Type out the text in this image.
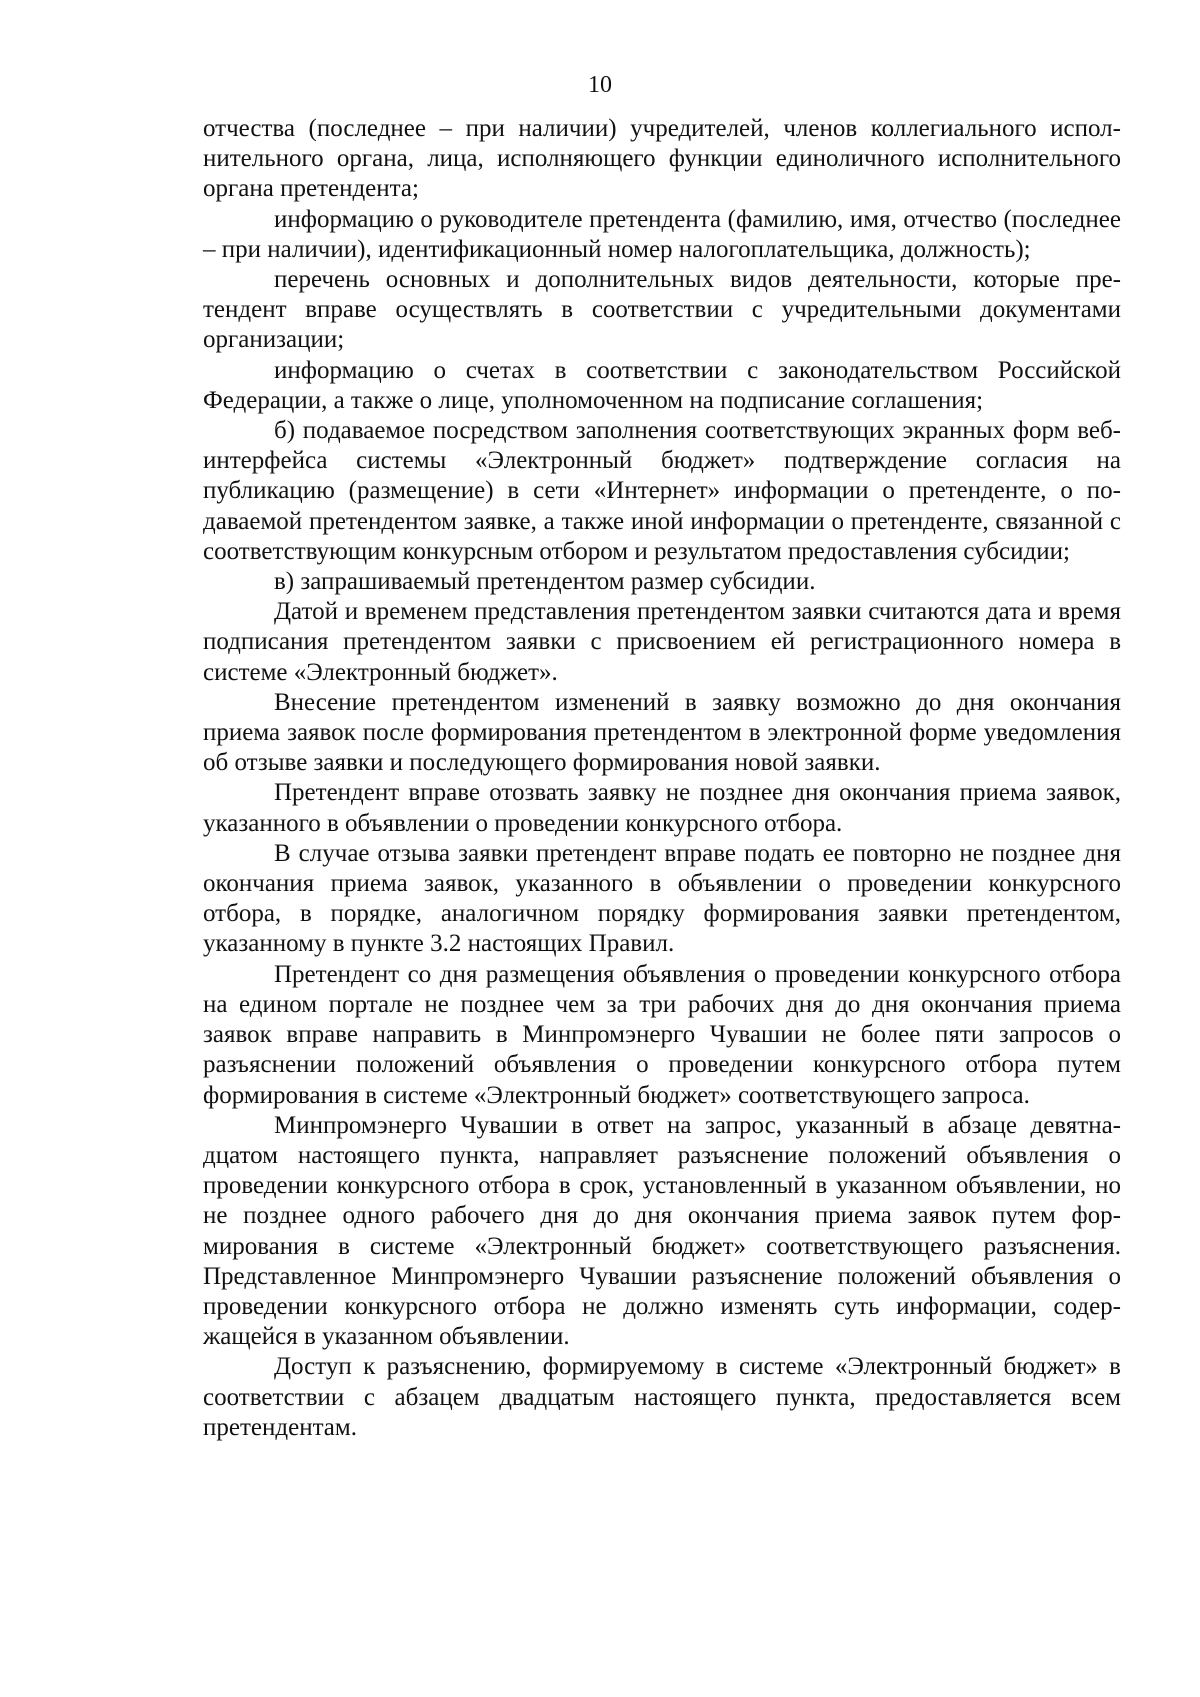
10

отчества (последнее – при наличии) учредителей, членов коллегиального исполнительного органа, лица, исполняющего функции единоличного исполнительного органа претендента;

информацию о руководителе претендента (фамилию, имя, отчество (последнее – при наличии), идентификационный номер налогоплательщика, должность);

перечень основных и дополнительных видов деятельности, которые претендент вправе осуществлять в соответствии с учредительными документами организации;

информацию о счетах в соответствии с законодательством Российской Федерации, а также о лице, уполномоченном на подписание соглашения;

б) подаваемое посредством заполнения соответствующих экранных форм веб-интерфейса системы «Электронный бюджет» подтверждение согласия на публикацию (размещение) в сети «Интернет» информации о претенденте, о подаваемой претендентом заявке, а также иной информации о претенденте, связанной с соответствующим конкурсным отбором и результатом предоставления субсидии;

в) запрашиваемый претендентом размер субсидии.

Датой и временем представления претендентом заявки считаются дата и время подписания претендентом заявки с присвоением ей регистрационного номера в системе «Электронный бюджет».

Внесение претендентом изменений в заявку возможно до дня окончания приема заявок после формирования претендентом в электронной форме уведомления об отзыве заявки и последующего формирования новой заявки.

Претендент вправе отозвать заявку не позднее дня окончания приема заявок, указанного в объявлении о проведении конкурсного отбора.

В случае отзыва заявки претендент вправе подать ее повторно не позднее дня окончания приема заявок, указанного в объявлении о проведении конкурсного отбора, в порядке, аналогичном порядку формирования заявки претендентом, указанному в пункте 3.2 настоящих Правил.

Претендент со дня размещения объявления о проведении конкурсного отбора на едином портале не позднее чем за три рабочих дня до дня окончания приема заявок вправе направить в Минпромэнерго Чувашии не более пяти запросов о разъяснении положений объявления о проведении конкурсного отбора путем формирования в системе «Электронный бюджет» соответствующего запроса.

Минпромэнерго Чувашии в ответ на запрос, указанный в абзаце девятнадцатом настоящего пункта, направляет разъяснение положений объявления о проведении конкурсного отбора в срок, установленный в указанном объявлении, но не позднее одного рабочего дня до дня окончания приема заявок путем формирования в системе «Электронный бюджет» соответствующего разъяснения. Представленное Минпромэнерго Чувашии разъяснение положений объявления о проведении конкурсного отбора не должно изменять суть информации, содержащейся в указанном объявлении.

Доступ к разъяснению, формируемому в системе «Электронный бюджет» в соответствии с абзацем двадцатым настоящего пункта, предоставляется всем претендентам.
